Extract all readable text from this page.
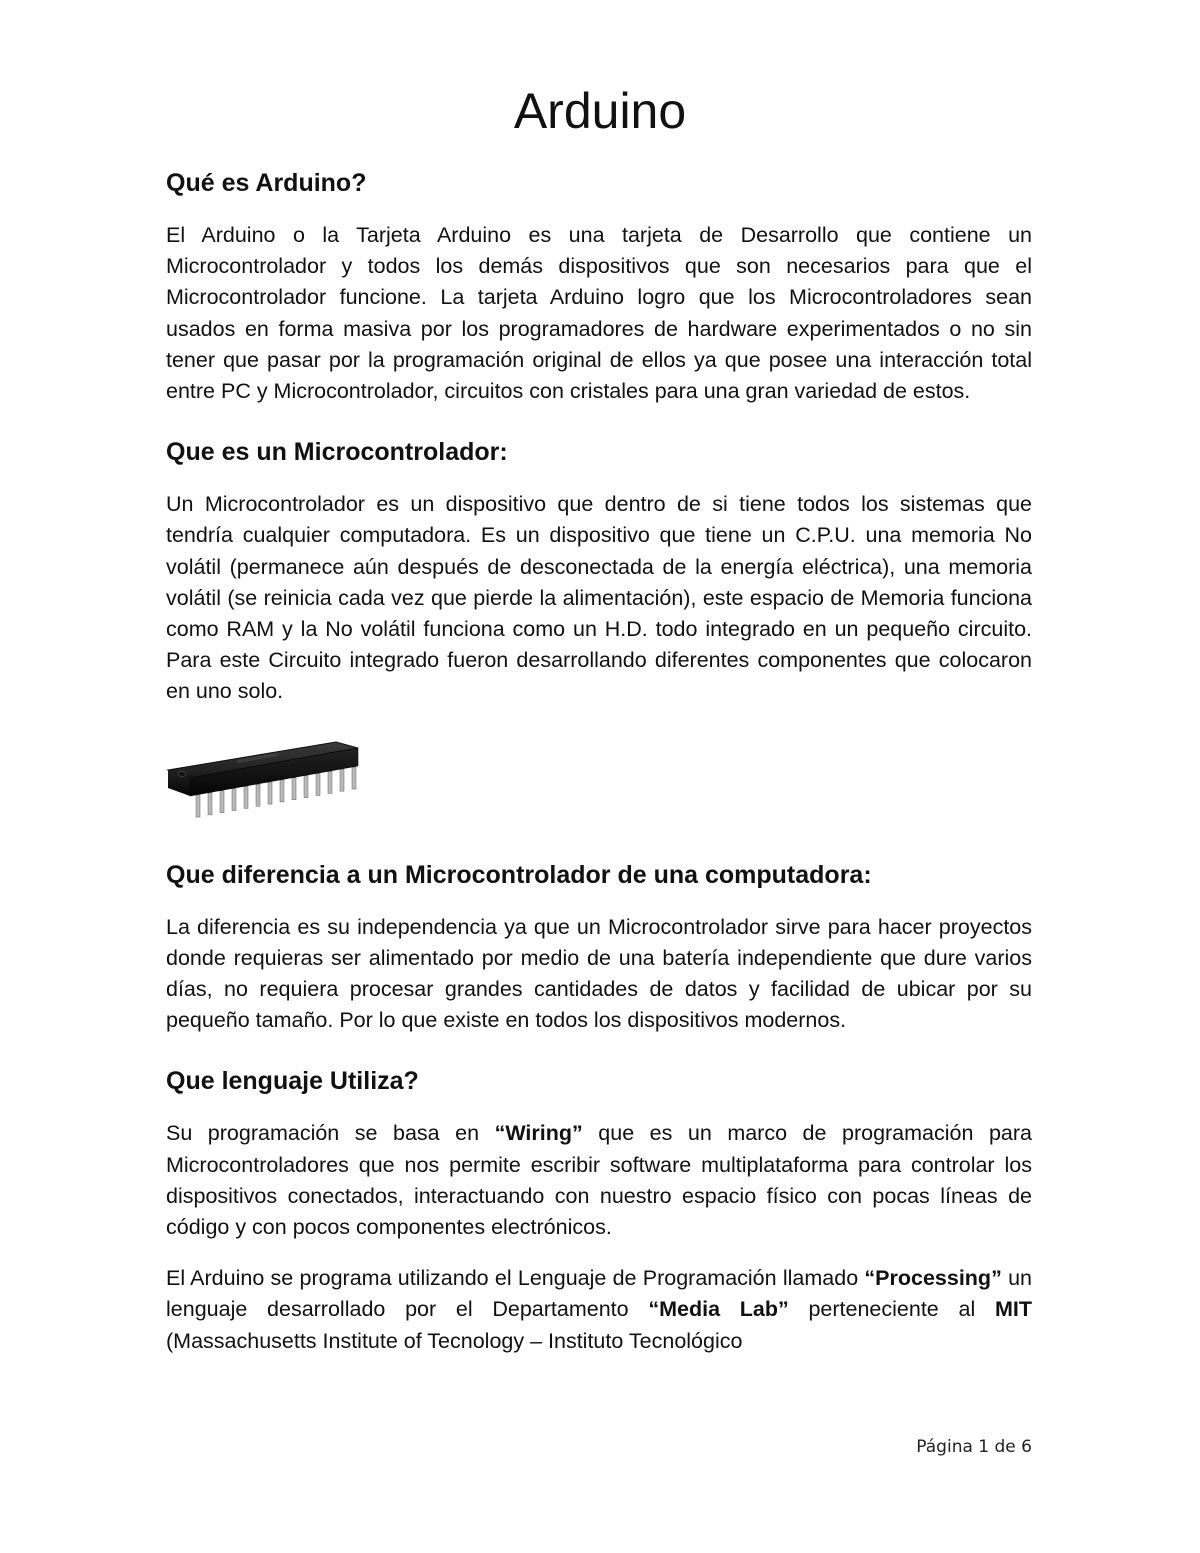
Arduino
Qué es Arduino?

El Arduino o la Tarjeta Arduino es una tarjeta de Desarrollo que contiene un Microcontrolador y todos los demás dispositivos que son necesarios para que el Microcontrolador funcione. La tarjeta Arduino logro que los Microcontroladores sean usados en forma masiva por los programadores de hardware experimentados o no sin tener que pasar por la programación original de ellos ya que posee una interacción total entre PC y Microcontrolador, circuitos con cristales para una gran variedad de estos.

Que es un Microcontrolador:

Un Microcontrolador es un dispositivo que dentro de si tiene todos los sistemas que tendría cualquier computadora. Es un dispositivo que tiene un C.P.U. una memoria No volátil (permanece aún después de desconectada de la energía eléctrica), una memoria volátil (se reinicia cada vez que pierde la alimentación), este espacio de Memoria funciona como RAM y la No volátil funciona como un H.D. todo integrado en un pequeño circuito. Para este Circuito integrado fueron desarrollando diferentes componentes que colocaron en uno solo.

Que diferencia a un Microcontrolador de una computadora:

La diferencia es su independencia ya que un Microcontrolador sirve para hacer proyectos donde requieras ser alimentado por medio de una batería independiente que dure varios días, no requiera procesar grandes cantidades de datos y facilidad de ubicar por su pequeño tamaño. Por lo que existe en todos los dispositivos modernos.

Que lenguaje Utiliza?

Su programación se basa en “Wiring” que es un marco de programación para Microcontroladores que nos permite escribir software multiplataforma para controlar los dispositivos conectados, interactuando con nuestro espacio físico con pocas líneas de código y con pocos componentes electrónicos.

El Arduino se programa utilizando el Lenguaje de Programación llamado “Processing” un lenguaje desarrollado por el Departamento “Media Lab” perteneciente al MIT (Massachusetts Institute of Tecnology – Instituto Tecnológico

Página 1 de 6
